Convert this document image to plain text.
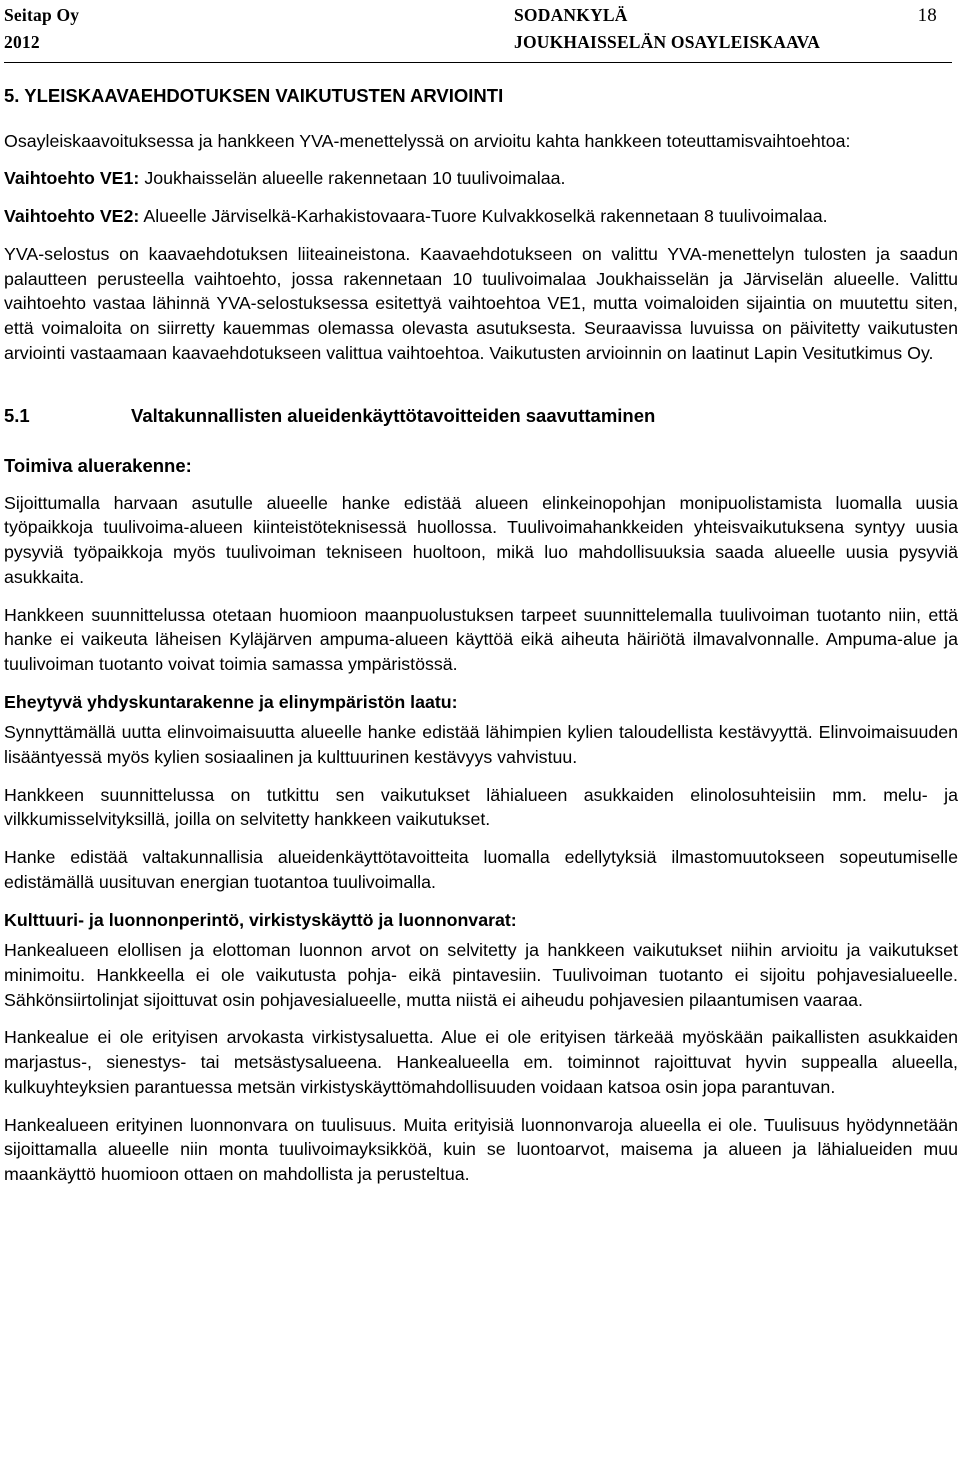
Seitap Oy
2012
SODANKYLÄ
JOUKHAISSELÄN OSAYLEISKAAVA
18
5. YLEISKAAVAEHDOTUKSEN VAIKUTUSTEN ARVIOINTI

Osayleiskaavoituksessa ja hankkeen YVA-menettelyssä on arvioitu kahta hankkeen toteuttamisvaihtoehtoa:

Vaihtoehto VE1: Joukhaisselän alueelle rakennetaan 10 tuulivoimalaa.

Vaihtoehto VE2: Alueelle Järviselkä-Karhakistovaara-Tuore Kulvakkoselkä rakennetaan 8 tuulivoimalaa.

YVA-selostus on kaavaehdotuksen liiteaineistona. Kaavaehdotukseen on valittu YVA-menettelyn tulosten ja saadun palautteen perusteella vaihtoehto, jossa rakennetaan 10 tuulivoimalaa Joukhaisselän ja Järviselän alueelle. Valittu vaihtoehto vastaa lähinnä YVA-selostuksessa esitettyä vaihtoehtoa VE1, mutta voimaloiden sijaintia on muutettu siten, että voimaloita on siirretty kauemmas olemassa olevasta asutuksesta. Seuraavissa luvuissa on päivitetty vaikutusten arviointi vastaamaan kaavaehdotukseen valittua vaihtoehtoa. Vaikutusten arvioinnin on laatinut Lapin Vesitutkimus Oy.

5.1	Valtakunnallisten alueidenkäyttötavoitteiden saavuttaminen
Toimiva aluerakenne:

Sijoittumalla harvaan asutulle alueelle hanke edistää alueen elinkeinopohjan monipuolistamista luomalla uusia työpaikkoja tuulivoima-alueen kiinteistöteknisessä huollossa. Tuulivoimahankkeiden yhteisvaikutuksena syntyy uusia pysyviä työpaikkoja myös tuulivoiman tekniseen huoltoon, mikä luo mahdollisuuksia saada alueelle uusia pysyviä asukkaita.

Hankkeen suunnittelussa otetaan huomioon maanpuolustuksen tarpeet suunnittelemalla tuulivoiman tuotanto niin, että hanke ei vaikeuta läheisen Kyläjärven ampuma-alueen käyttöä eikä aiheuta häiriötä ilmavalvonnalle. Ampuma-alue ja tuulivoiman tuotanto voivat toimia samassa ympäristössä.

Eheytyvä yhdyskuntarakenne ja elinympäristön laatu:

Synnyttämällä uutta elinvoimaisuutta alueelle hanke edistää lähimpien kylien taloudellista kestävyyttä. Elinvoimaisuuden lisääntyessä myös kylien sosiaalinen ja kulttuurinen kestävyys vahvistuu.

Hankkeen suunnittelussa on tutkittu sen vaikutukset lähialueen asukkaiden elinolosuhteisiin mm. melu- ja vilkkumisselvityksillä, joilla on selvitetty hankkeen vaikutukset.

Hanke edistää valtakunnallisia alueidenkäyttötavoitteita luomalla edellytyksiä ilmastomuutokseen sopeutumiselle edistämällä uusituvan energian tuotantoa tuulivoimalla.

Kulttuuri- ja luonnonperintö, virkistyskäyttö ja luonnonvarat:

Hankealueen elollisen ja elottoman luonnon arvot on selvitetty ja hankkeen vaikutukset niihin arvioitu ja vaikutukset minimoitu. Hankkeella ei ole vaikutusta pohja- eikä pintavesiin. Tuulivoiman tuotanto ei sijoitu pohjavesialueelle. Sähkönsiirtolinjat sijoittuvat osin pohjavesialueelle, mutta niistä ei aiheudu pohjavesien pilaantumisen vaaraa.

Hankealue ei ole erityisen arvokasta virkistysaluetta. Alue ei ole erityisen tärkeää myöskään paikallisten asukkaiden marjastus-, sienestys- tai metsästysalueena. Hankealueella em. toiminnot rajoittuvat hyvin suppealla alueella, kulkuyhteyksien parantuessa metsän virkistyskäyttömahdollisuuden voidaan katsoa osin jopa parantuvan.

Hankealueen erityinen luonnonvara on tuulisuus. Muita erityisiä luonnonvaroja alueella ei ole. Tuulisuus hyödynnetään sijoittamalla alueelle niin monta tuulivoimayksikköä, kuin se luontoarvot, maisema ja alueen ja lähialueiden muu maankäyttö huomioon ottaen on mahdollista ja perusteltua.
